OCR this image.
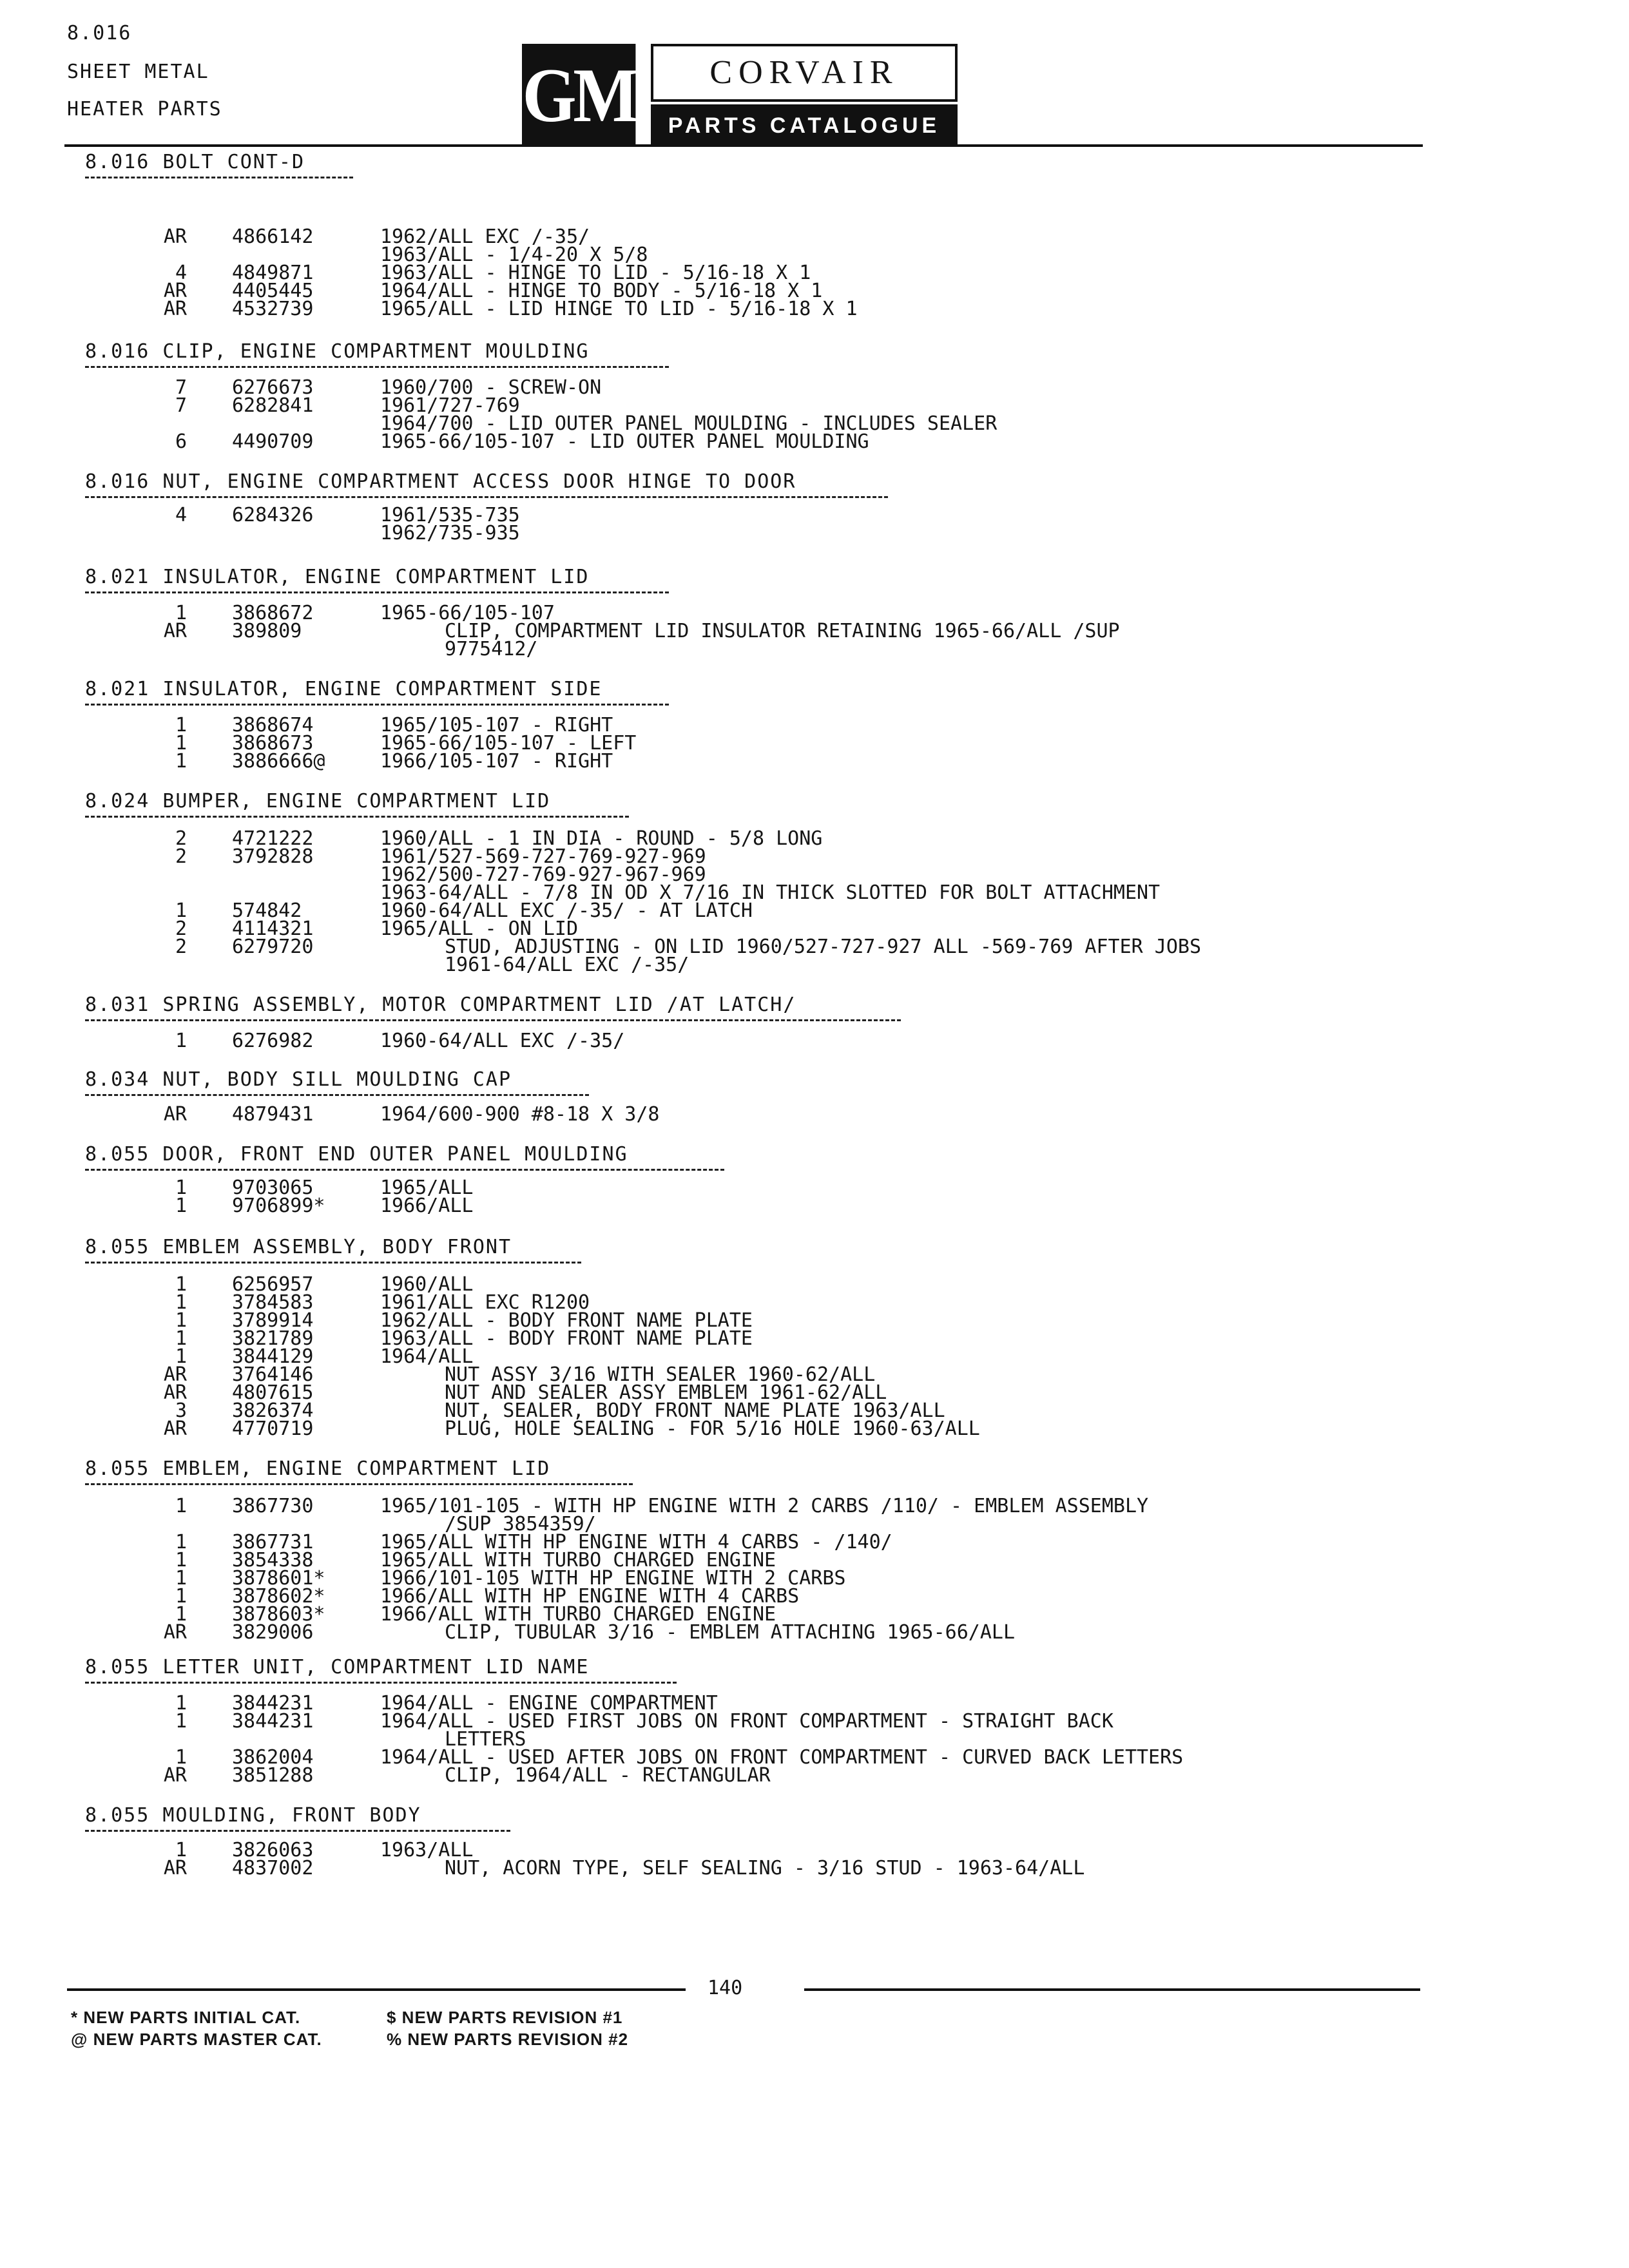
8.016
SHEET METAL
HEATER PARTS	GM	CORVAIR
PARTS CATALOGUE
8.016 BOLT CONT-D
AR 4866142	1962/ALL EXC /-35/
1963/ALL - 1/4-20 X 5/8
4 4849871	1963/ALL - HINGE TO LID - 5/16-18 X 1
AR 4405445	1964/ALL - HINGE TO BODY - 5/16-18 X 1
AR 4532739	1965/ALL - LID HINGE TO LID - 5/16-18 X 1
8.016 CLIP, ENGINE COMPARTMENT MOULDING
7 6276673	1960/700 - SCREW-ON
7 6282841	1961/727-769
1964/700 - LID OUTER PANEL MOULDING - INCLUDES SEALER
6 4490709	1965-66/105-107 - LID OUTER PANEL MOULDING
8.016 NUT, ENGINE COMPARTMENT ACCESS DOOR HINGE TO DOOR
4 6284326	1961/535-735
1962/735-935
8.021 INSULATOR, ENGINE COMPARTMENT LID
1 3868672	1965-66/105-107
AR 389809	CLIP, COMPARTMENT LID INSULATOR RETAINING 1965-66/ALL /SUP
9775412/
8.021 INSULATOR, ENGINE COMPARTMENT SIDE
1 3868674	1965/105-107 - RIGHT
1 3868673	1965-66/105-107 - LEFT
1 3886666@	1966/105-107 - RIGHT
8.024 BUMPER, ENGINE COMPARTMENT LID
2 4721222	1960/ALL - 1 IN DIA - ROUND - 5/8 LONG
2 3792828	1961/527-569-727-769-927-969
1962/500-727-769-927-967-969
1963-64/ALL - 7/8 IN OD X 7/16 IN THICK SLOTTED FOR BOLT ATTACHMENT
1 574842	1960-64/ALL EXC /-35/ - AT LATCH
2 4114321	1965/ALL - ON LID
2 6279720	STUD, ADJUSTING - ON LID 1960/527-727-927 ALL -569-769 AFTER JOBS
1961-64/ALL EXC /-35/
8.031 SPRING ASSEMBLY, MOTOR COMPARTMENT LID /AT LATCH/
1 6276982	1960-64/ALL EXC /-35/
8.034 NUT, BODY SILL MOULDING CAP
AR 4879431	1964/600-900 #8-18 X 3/8
8.055 DOOR, FRONT END OUTER PANEL MOULDING
1 9703065	1965/ALL
1 9706899*	1966/ALL
8.055 EMBLEM ASSEMBLY, BODY FRONT
1 6256957	1960/ALL
1 3784583	1961/ALL EXC R1200
1 3789914	1962/ALL - BODY FRONT NAME PLATE
1 3821789	1963/ALL - BODY FRONT NAME PLATE
1 3844129	1964/ALL
AR 3764146	NUT ASSY 3/16 WITH SEALER 1960-62/ALL
AR 4807615	NUT AND SEALER ASSY EMBLEM 1961-62/ALL
3 3826374	NUT, SEALER, BODY FRONT NAME PLATE 1963/ALL
AR 4770719	PLUG, HOLE SEALING - FOR 5/16 HOLE 1960-63/ALL
8.055 EMBLEM, ENGINE COMPARTMENT LID
1 3867730	1965/101-105 - WITH HP ENGINE WITH 2 CARBS /110/ - EMBLEM ASSEMBLY
/SUP 3854359/
1 3867731	1965/ALL WITH HP ENGINE WITH 4 CARBS - /140/
1 3854338	1965/ALL WITH TURBO CHARGED ENGINE
1 3878601*	1966/101-105 WITH HP ENGINE WITH 2 CARBS
1 3878602*	1966/ALL WITH HP ENGINE WITH 4 CARBS
1 3878603*	1966/ALL WITH TURBO CHARGED ENGINE
AR 3829006	CLIP, TUBULAR 3/16 - EMBLEM ATTACHING 1965-66/ALL
8.055 LETTER UNIT, COMPARTMENT LID NAME
1 3844231	1964/ALL - ENGINE COMPARTMENT
1 3844231	1964/ALL - USED FIRST JOBS ON FRONT COMPARTMENT - STRAIGHT BACK
LETTERS
1 3862004	1964/ALL - USED AFTER JOBS ON FRONT COMPARTMENT - CURVED BACK LETTERS
AR 3851288	CLIP, 1964/ALL - RECTANGULAR
8.055 MOULDING, FRONT BODY
1 3826063	1963/ALL
AR 4837002	NUT, ACORN TYPE, SELF SEALING - 3/16 STUD - 1963-64/ALL
140
* NEW PARTS INITIAL CAT.	$ NEW PARTS REVISION #1
@ NEW PARTS MASTER CAT.	% NEW PARTS REVISION #2
